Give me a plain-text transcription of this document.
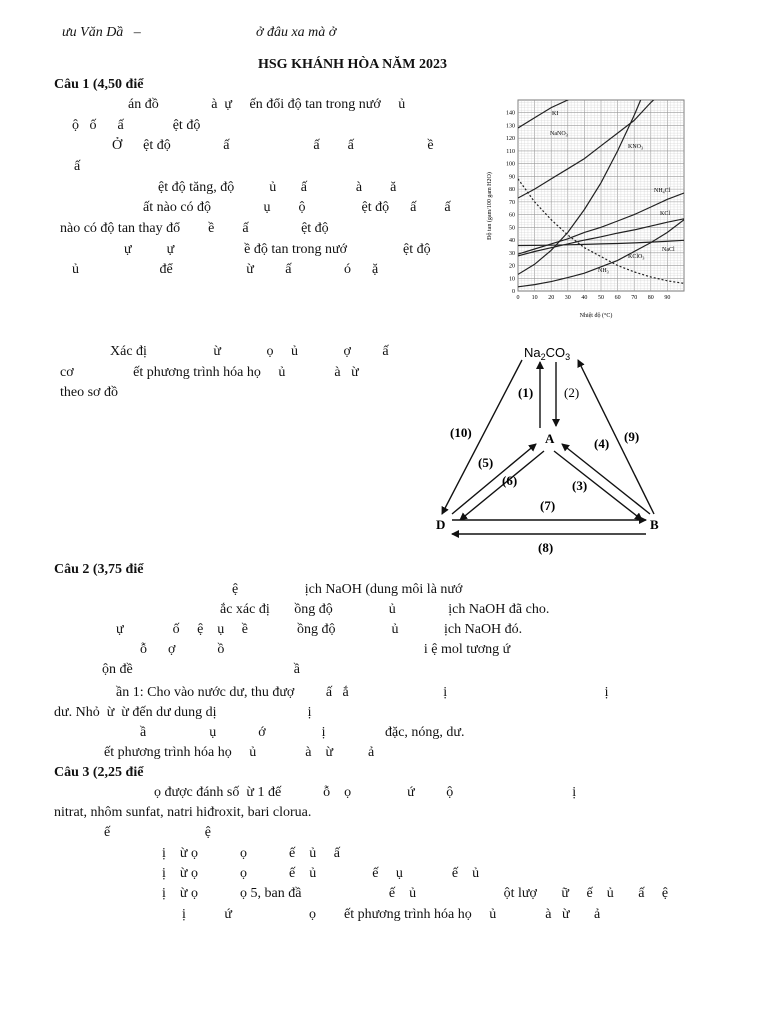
ưu Văn Dầ   –	ở đâu xa mà ở
HSG KHÁNH HÒA NĂM 2023
Câu 1 (4,50 điể
án đồ               à  ự     ến đổi độ tan trong nướ     ủ
ộ   ố      ấ              ệt độ
Ở      ệt độ               ấ                        ấ        ấ                     ề
ấ
ệt độ tăng, độ          ủ       ấ              à        ă
ất nào có độ               ụ        ộ                ệt độ      ấ        ấ
nào có độ tan thay đổ        ề        ấ               ệt độ
ự          ự                    ề độ tan trong nướ                ệt độ
ủ                       để                     ừ         ấ               ó      ặ
Xác đị                   ừ             ọ     ủ             ợ         ấ
cơ                 ết phương trình hóa họ     ủ              à   ừ
theo sơ đồ
0 10 20 30 40 50 60 70 80 90
0
10
20
30
40
50
60
70
80
90
100
110
120
130
140	KI
NaNO$_3$
$KNO_3$
$NH_4Cl$
KCl
NaCl
KClO$_3$
$NH_3$
Nhiệt độ (°C)
Độ tan (gam/100 gam H2O)
$Na_2CO_3$
A
D	B
(1) (2)
(10)	(9)
(4)
(5)
(6)	(3)
(7)
(8)
Câu 2 (3,75 điể
ệ                   ịch NaOH (dung môi là nướ
ắc xác đị       ồng độ                ủ               ịch NaOH đã cho.
ự              ố     ệ    ụ     ề              ồng độ                ủ             ịch NaOH đó.
ỗ      ợ            ồ                                                         i ệ mol tương ứ
ộn đề                                              ầ
ần 1: Cho vào nước dư, thu đượ         ấ   ắ                           ị                                             ị
dư. Nhỏ  ừ  ừ đến dư dung dị                          ị
ầ                  ụ            ớ                ị                 đặc, nóng, dư.
ết phương trình hóa họ     ủ              à    ừ          ả
Câu 3 (2,25 điể
ọ được đánh số  ừ 1 đế            ỗ    ọ                ứ         ộ                                  ị
nitrat, nhôm sunfat, natri hiđroxit, bari clorua.
ế                           ệ
ị    ừ ọ            ọ            ế    ủ     ấ
ị    ừ ọ            ọ            ế    ủ                ế     ụ              ế    ủ
ị    ừ ọ            ọ 5, ban đầ                         ế    ủ                         ột lượ       ữ     ế    ủ       ấ     ệ
ị           ứ                      ọ        ết phương trình hóa họ     ủ              à   ừ       ả
